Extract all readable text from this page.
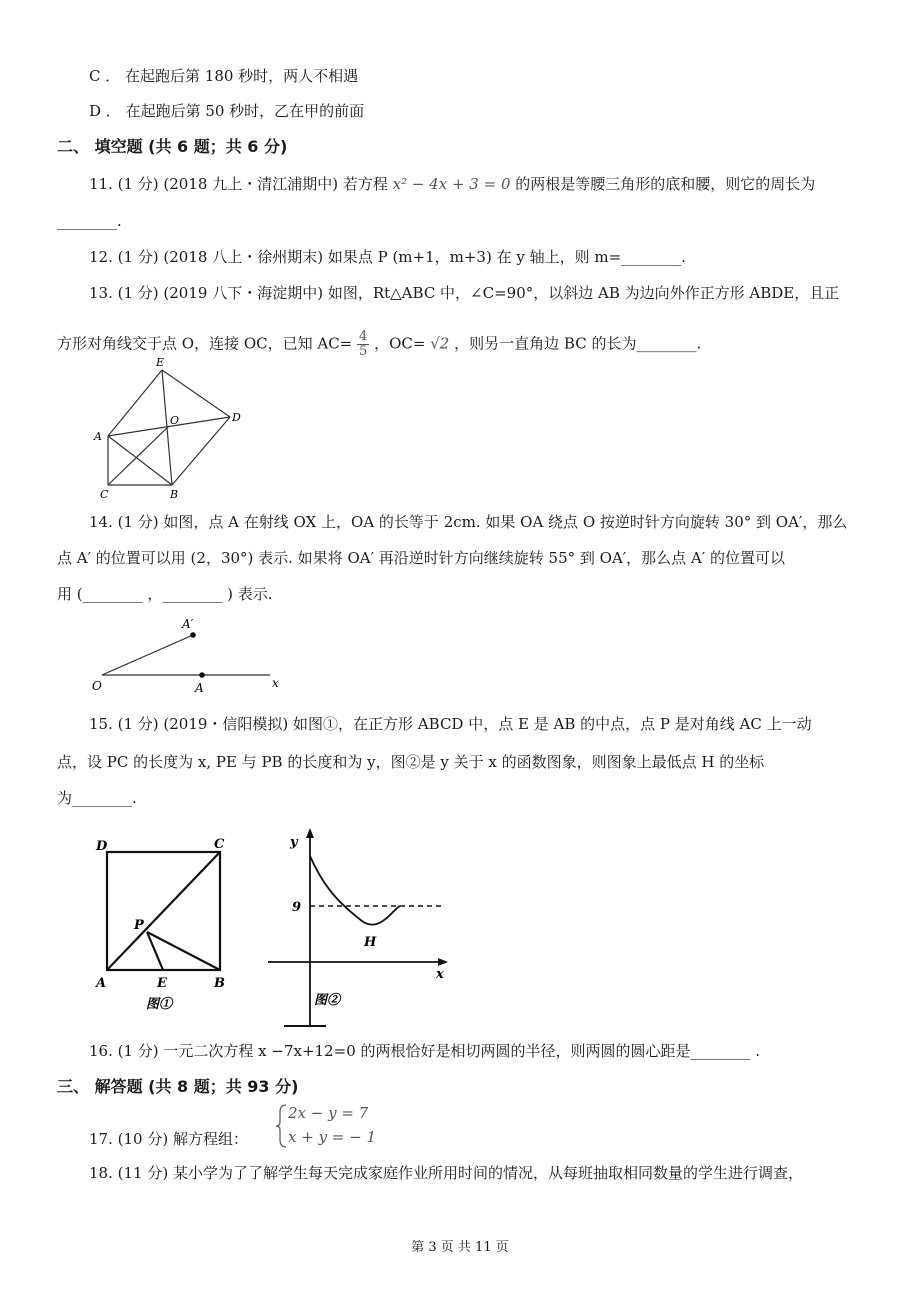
C ． 在起跑后第 180 秒时，两人不相遇
D ． 在起跑后第 50 秒时，乙在甲的前面
二、 填空题 (共 6 题；共 6 分)
11. (1 分) (2018 九上・清江浦期中) 若方程 x² − 4x + 3 = 0 的两根是等腰三角形的底和腰，则它的周长为
________.
12. (1 分) (2018 八上・徐州期末) 如果点 P (m+1，m+3) 在 y 轴上，则 m=________.
13. (1 分) (2019 八下・海淀期中) 如图，Rt△ABC 中，∠C=90°，以斜边 AB 为边向外作正方形 ABDE，且正
方形对角线交于点 O，连接 OC，已知 $AC= \frac{4}{5}$ ，OC= √2 ，则另一直角边 BC 的长为________.
E
O	D
A
C	B
14. (1 分) 如图，点 A 在射线 OX 上，OA 的长等于 2cm. 如果 OA 绕点 O 按逆时针方向旋转 30° 到 OA′，那么
点 A′ 的位置可以用 (2，30°) 表示. 如果将 OA′ 再沿逆时针方向继续旋转 55° 到 OA′，那么点 A′ 的位置可以
用 (________ ，________ ) 表示.
A′
O	A	x
15. (1 分) (2019・信阳模拟) 如图①，在正方形 ABCD 中，点 E 是 AB 的中点，点 P 是对角线 AC 上一动
点，设 PC 的长度为 x, PE 与 PB 的长度和为 y，图②是 y 关于 x 的函数图象，则图象上最低点 H 的坐标
为________.
D	C
P
A	E	B
图①
y
9
H
x
图②
16. (1 分) 一元二次方程 x −7x+12=0 的两根恰好是相切两圆的半径，则两圆的圆心距是________ .
三、 解答题 (共 8 题；共 93 分)
17. (10 分) 解方程组：
2x − y = 7
x + y = − 1
18. (11 分) 某小学为了了解学生每天完成家庭作业所用时间的情况，从每班抽取相同数量的学生进行调查，
第 3 页 共 11 页
